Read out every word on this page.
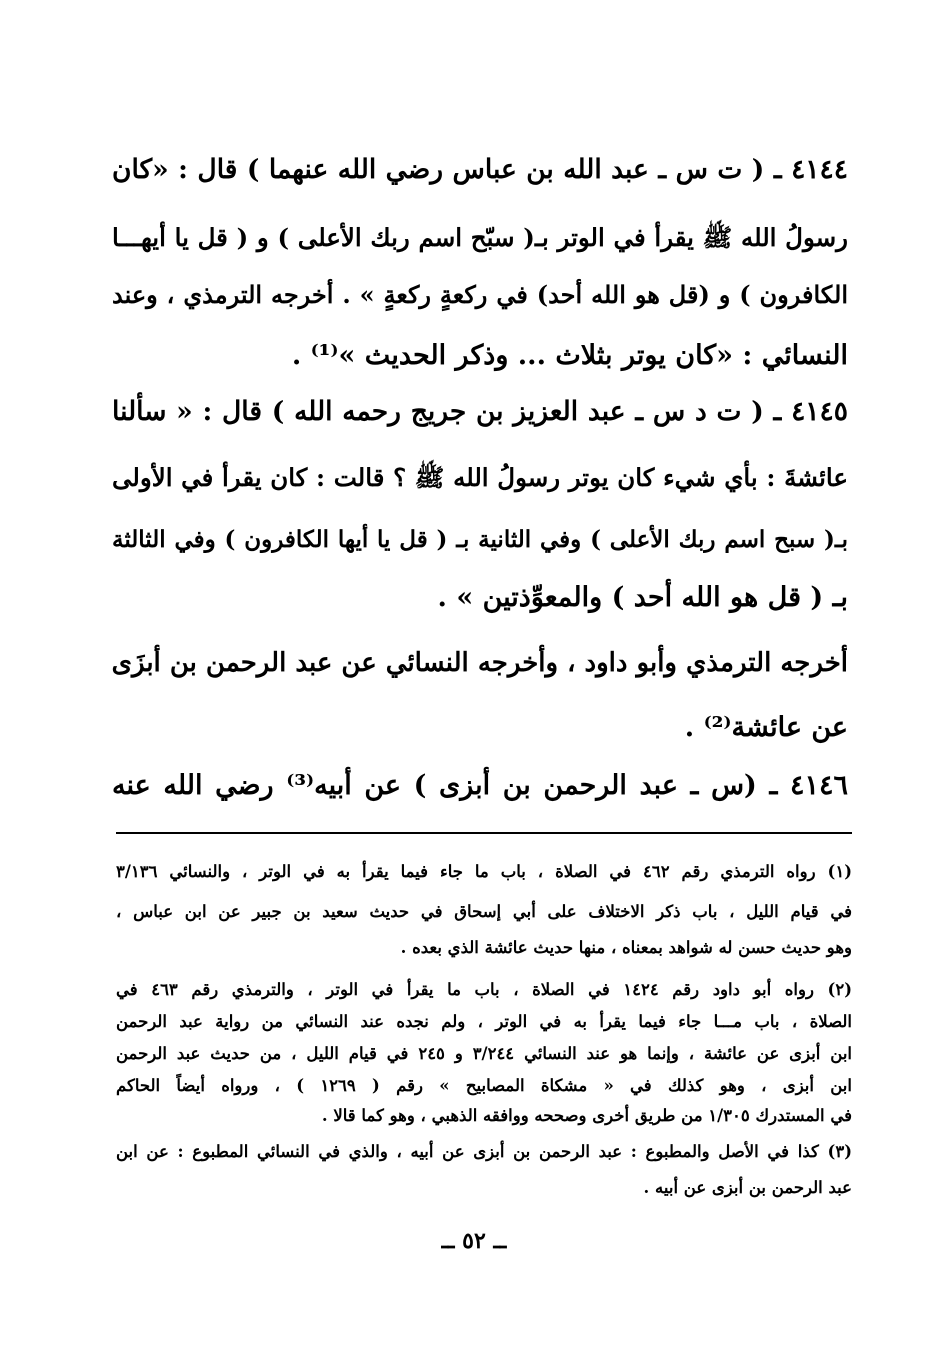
٤١٤٤ ـ ( ت س ـ عبد الله بن عباس رضي الله عنهما ) قال : «كان
رسولُ الله ﷺ يقرأ في الوتر بـ( سبّح اسم ربك الأعلى ) و ( قل يا أيهـــا
الكافرون ) و (قل هو الله أحد) في ركعةٍ ركعةٍ » . أخرجه الترمذي ، وعند
النسائي : «كان يوتر بثلاث ... وذكر الحديث »⁽¹⁾ .
٤١٤٥ ـ ( ت د س ـ عبد العزيز بن جريج رحمه الله ) قال : « سألنا
عائشةَ : بأي شيء كان يوتر رسولُ الله ﷺ ؟ قالت : كان يقرأ في الأولى
بـ( سبح اسم ربك الأعلى ) وفي الثانية بـ ( قل يا أيها الكافرون ) وفي الثالثة
بـ ( قل هو الله أحد ) والمعوِّذتين » .
أخرجه الترمذي وأبو داود ، وأخرجه النسائي عن عبد الرحمن بن أبزَى
عن عائشة⁽²⁾ .
٤١٤٦ ـ (س ـ عبد الرحمن بن أبزى ) عن أبيه⁽³⁾ رضي الله عنه
(١) رواه الترمذي رقم ٤٦٢ في الصلاة ، باب ما جاء فيما يقرأ به في الوتر ، والنسائي ٣/١٣٦
في قيام الليل ، باب ذكر الاختلاف على أبي إسحاق في حديث سعيد بن جبير عن ابن عباس ،
وهو حديث حسن له شواهد بمعناه ، منها حديث عائشة الذي بعده .
(٢) رواه أبو داود رقم ١٤٢٤ في الصلاة ، باب ما يقرأ في الوتر ، والترمذي رقم ٤٦٣ في
الصلاة ، باب مـــا جاء فيما يقرأ به في الوتر ، ولم نجده عند النسائي من رواية عبد الرحمن
ابن أبزى عن عائشة ، وإنما هو عند النسائي ٣/٢٤٤ و ٢٤٥ في قيام الليل ، من حديث عبد الرحمن
ابن أبزى ، وهو كذلك في « مشكاة المصابيح » رقم ( ١٢٦٩ ) ، ورواه أيضاً الحاكم
في المستدرك ١/٣٠٥ من طريق أخرى وصححه ووافقه الذهبي ، وهو كما قالا .
(٣) كذا في الأصل والمطبوع : عبد الرحمن بن أبزى عن أبيه ، والذي في النسائي المطبوع : عن ابن
عبد الرحمن بن أبزى عن أبيه .
ــ ٥٢ ــ
